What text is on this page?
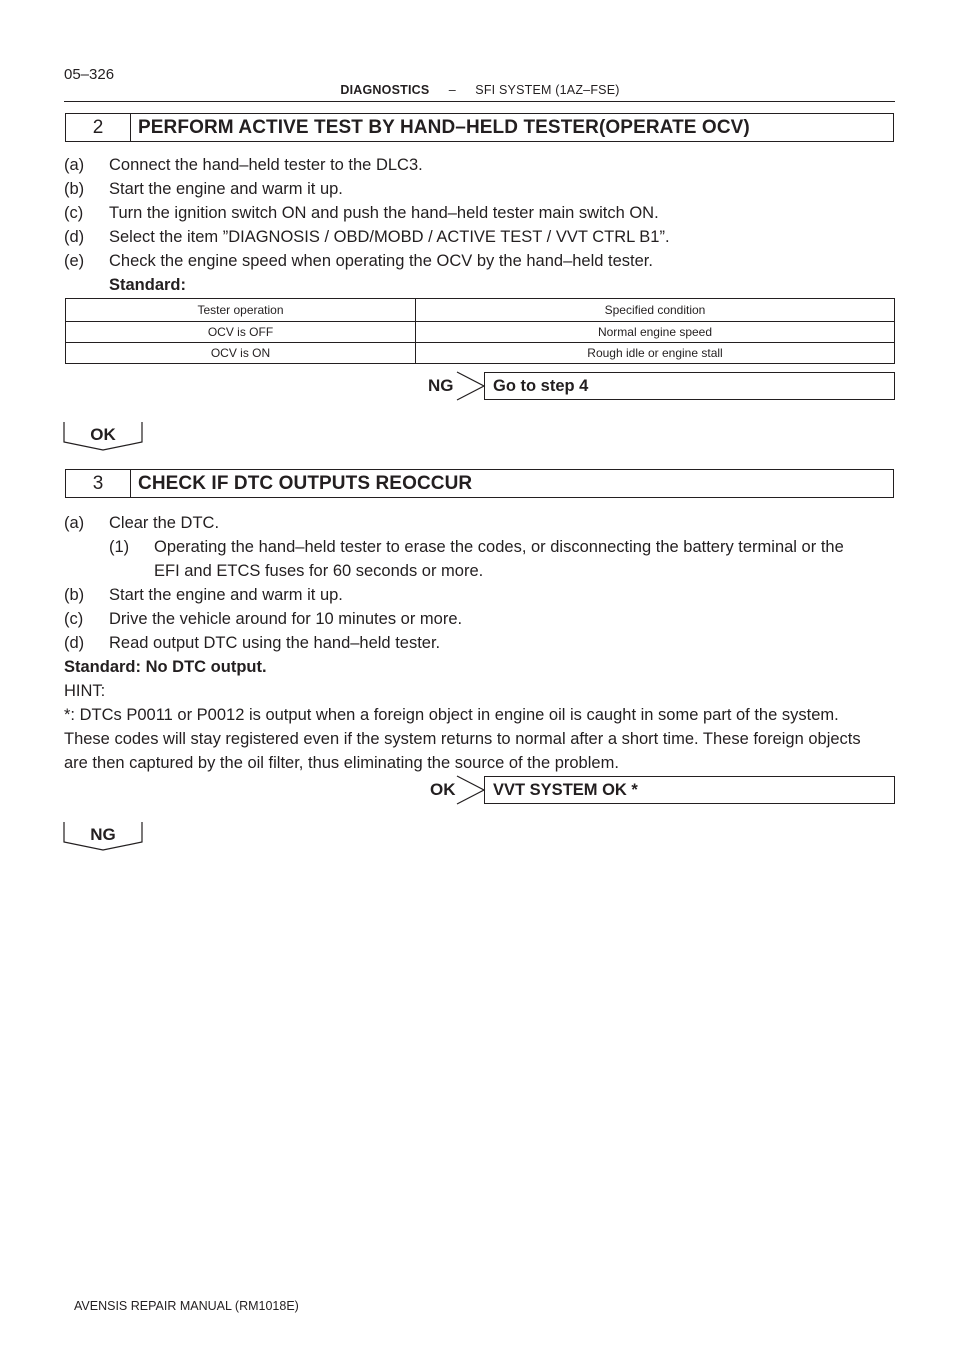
05–326
DIAGNOSTICS – SFI SYSTEM (1AZ–FSE)
2	PERFORM ACTIVE TEST BY HAND–HELD TESTER(OPERATE OCV)
(a) Connect the hand–held tester to the DLC3.
(b) Start the engine and warm it up.
(c) Turn the ignition switch ON and push the hand–held tester main switch ON.
(d) Select the item ”DIAGNOSIS / OBD/MOBD / ACTIVE TEST / VVT CTRL B1”.
(e) Check the engine speed when operating the OCV by the hand–held tester.
Standard:
Tester operation	Specified condition
OCV is OFF	Normal engine speed
OCV is ON	Rough idle or engine stall
NG	Go to step 4
OK
3	CHECK IF DTC OUTPUTS REOCCUR
(a) Clear the DTC.
(1) Operating the hand–held tester to erase the codes, or disconnecting the battery terminal or the
EFI and ETCS fuses for 60 seconds or more.
(b) Start the engine and warm it up.
(c) Drive the vehicle around for 10 minutes or more.
(d) Read output DTC using the hand–held tester.
Standard: No DTC output.
HINT:
*: DTCs P0011 or P0012 is output when a foreign object in engine oil is caught in some part of the system.
These codes will stay registered even if the system returns to normal after a short time. These foreign objects
are then captured by the oil filter, thus eliminating the source of the problem.
OK	VVT SYSTEM OK *
NG
AVENSIS REPAIR MANUAL (RM1018E)
